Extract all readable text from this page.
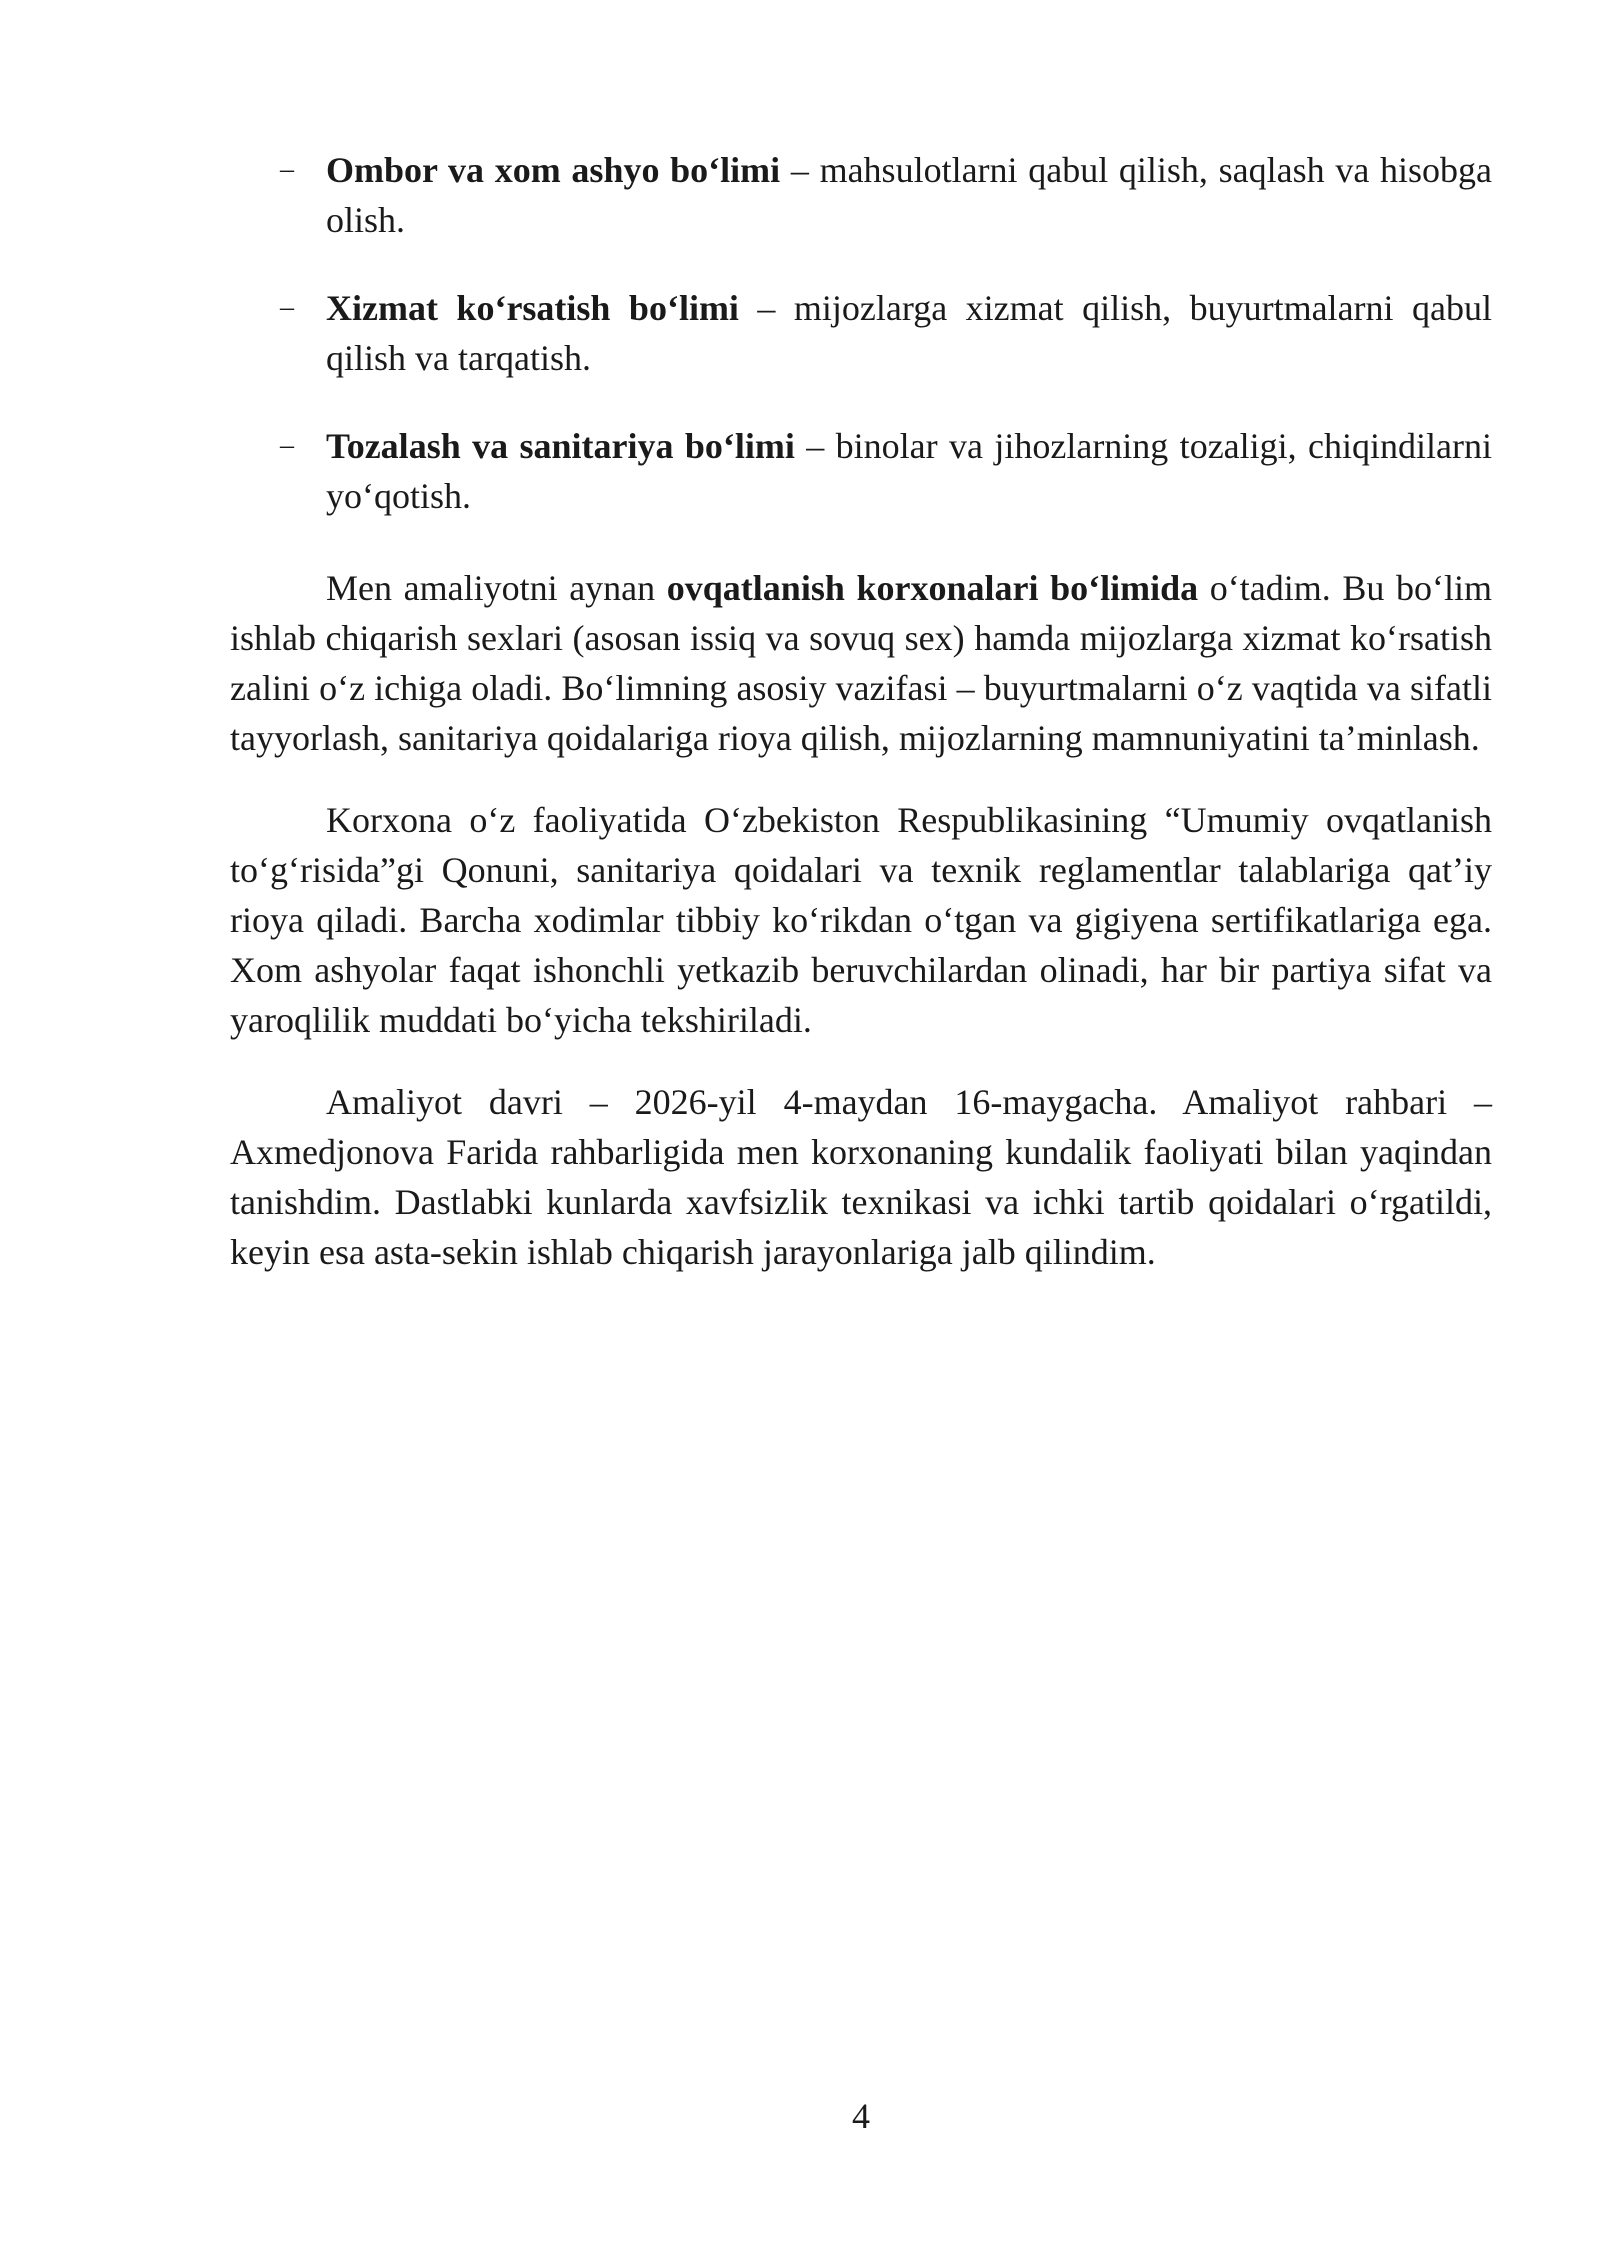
– Ombor va xom ashyo bo‘limi – mahsulotlarni qabul qilish, saqlash va hisobga olish.
– Xizmat ko‘rsatish bo‘limi – mijozlarga xizmat qilish, buyurtmalarni qabul qilish va tarqatish.
– Tozalash va sanitariya bo‘limi – binolar va jihozlarning tozaligi, chiqindilarni yo‘qotish.

Men amaliyotni aynan ovqatlanish korxonalari bo‘limida o‘tadim. Bu bo‘lim ishlab chiqarish sexlari (asosan issiq va sovuq sex) hamda mijozlarga xizmat ko‘rsatish zalini o‘z ichiga oladi. Bo‘limning asosiy vazifasi – buyurtmalarni o‘z vaqtida va sifatli tayyorlash, sanitariya qoidalariga rioya qilish, mijozlarning mamnuniyatini ta’minlash.

Korxona o‘z faoliyatida O‘zbekiston Respublikasining “Umumiy ovqatlanish to‘g‘risida”gi Qonuni, sanitariya qoidalari va texnik reglamentlar talablariga qat’iy rioya qiladi. Barcha xodimlar tibbiy ko‘rikdan o‘tgan va gigiyena sertifikatlariga ega. Xom ashyolar faqat ishonchli yetkazib beruvchilardan olinadi, har bir partiya sifat va yaroqlilik muddati bo‘yicha tekshiriladi.

Amaliyot davri – 2026-yil 4-maydan 16-maygacha. Amaliyot rahbari – Axmedjonova Farida rahbarligida men korxonaning kundalik faoliyati bilan yaqindan tanishdim. Dastlabki kunlarda xavfsizlik texnikasi va ichki tartib qoidalari o‘rgatildi, keyin esa asta-sekin ishlab chiqarish jarayonlariga jalb qilindim.

4
